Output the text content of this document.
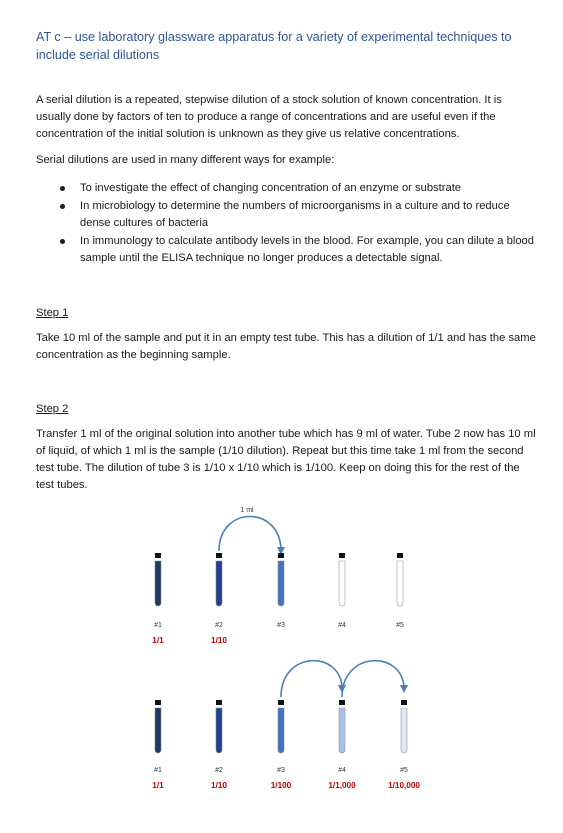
AT c – use laboratory glassware apparatus for a variety of experimental techniques to include serial dilutions
A serial dilution is a repeated, stepwise dilution of a stock solution of known concentration. It is usually done by factors of ten to produce a range of concentrations and are useful even if the concentration of the initial solution is unknown as they give us relative concentrations.
Serial dilutions are used in many different ways for example:
To investigate the effect of changing concentration of an enzyme or substrate
In microbiology to determine the numbers of microorganisms in a culture and to reduce dense cultures of bacteria
In immunology to calculate antibody levels in the blood. For example, you can dilute a blood sample until the ELISA technique no longer produces a detectable signal.
Step 1
Take 10 ml of the sample and put it in an empty test tube. This has a dilution of 1/1 and has the same concentration as the beginning sample.
Step 2
Transfer 1 ml of the original solution into another tube which has 9 ml of water. Tube 2 now has 10 ml of liquid, of which 1 ml is the sample (1/10 dilution). Repeat but this time take 1 ml from the second test tube. The dilution of tube 3 is 1/10 x 1/10 which is 1/100. Keep on doing this for the rest of the test tubes.
1 ml
#1
1/1
#2
1/10
#3	#4	#5
#1
1/1
#2
1/10
#3
1/100
#4
1/1,000
#5
1/10,000
